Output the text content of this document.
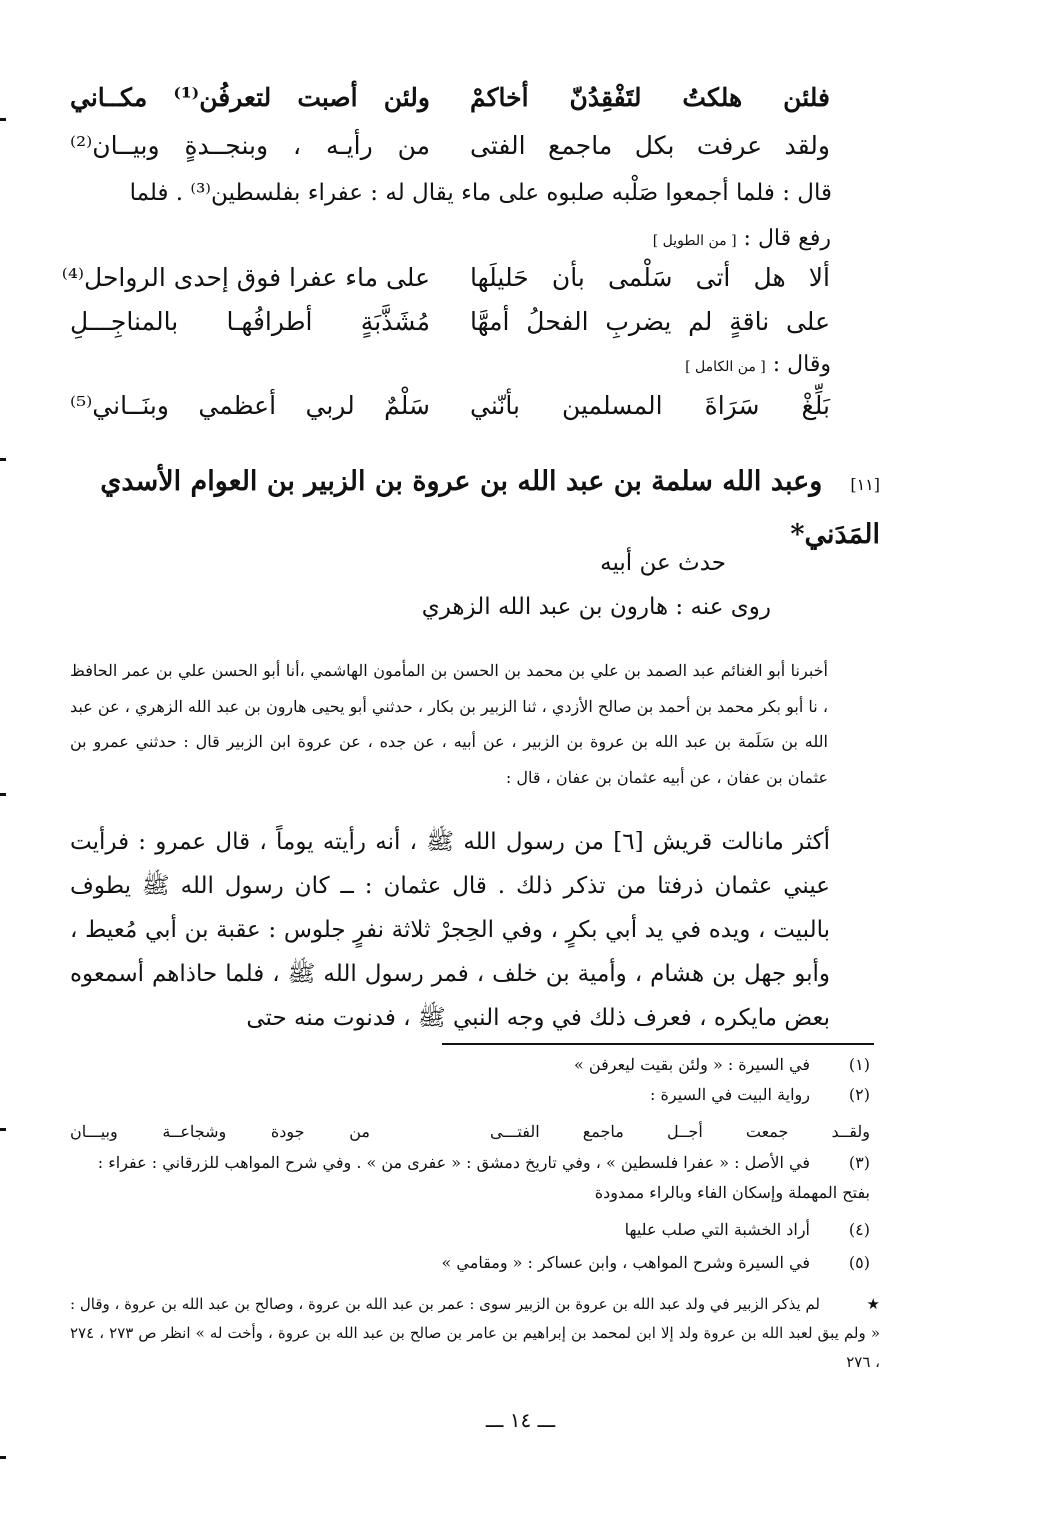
فلئن هلكتُ لتَفْقِدُنّ أخاكمْ
ولئن أصبت لتعرفُن⁽¹⁾ مكــاني
ولقد عرفت بكل ماجمع الفتى
من رأيـه ، وبنجــدةٍ وبيــان⁽²⁾
قال : فلما أجمعوا صَلْبه صلبوه على ماء يقال له : عفراء بفلسطين⁽³⁾ . فلما
رفع قال : [ من الطويل ]
ألا هل أتى سَلْمى بأن حَليلَها
على ماء عفرا فوق إحدى الرواحل⁽⁴⁾
على ناقةٍ لم يضربِ الفحلُ أمهَّا
مُشَذَّبَةٍ أطرافُهـا بالمناجِـــلِ
وقال : [ من الكامل ]
بَلِّغْ سَرَاةَ المسلمين بأنّني
سَلْمٌ لربي أعظمي وبنَــاني⁽⁵⁾
[١١]وعبد الله سلمة بن عبد الله بن عروة بن الزبير بن العوام الأسدي المَدَني*
حدث عن أبيه
روى عنه : هارون بن عبد الله الزهري
أخبرنا أبو الغنائم عبد الصمد بن علي بن محمد بن الحسن بن المأمون الهاشمي ،أنا أبو الحسن علي بن عمر الحافظ ، نا أبو بكر محمد بن أحمد بن صالح الأزدي ، ثنا الزبير بن بكار ، حدثني أبو يحيى هارون بن عبد الله الزهري ، عن عبد الله بن سَلَمة بن عبد الله بن عروة بن الزبير ، عن أبيه ، عن جده ، عن عروة ابن الزبير قال : حدثني عمرو بن عثمان بن عفان ، عن أبيه عثمان بن عفان ، قال :
أكثر مانالت قريش [٦] من رسول الله ﷺ ، أنه رأيته يوماً ، قال عمرو : فرأيت عيني عثمان ذرفتا من تذكر ذلك . قال عثمان : ــ كان رسول الله ﷺ يطوف بالبيت ، ويده في يد أبي بكرٍ ، وفي الحِجرْ ثلاثة نفرٍ جلوس : عقبة بن أبي مُعيط ، وأبو جهل بن هشام ، وأمية بن خلف ، فمر رسول الله ﷺ ، فلما حاذاهم أسمعوه بعض مايكره ، فعرف ذلك في وجه النبي ﷺ ، فدنوت منه حتى
(١)في السيرة : « ولئن بقيت ليعرفن »
(٢)رواية البيت في السيرة :
ولقــد جمعت أجــل ماجمع الفتـــى
من جودة وشجاعــة وبيـــان
(٣)في الأصل : « عفرا فلسطين » ، وفي تاريخ دمشق : « عفرى من » . وفي شرح المواهب للزرقاني : عفراء : بفتح المهملة وإسكان الفاء وبالراء ممدودة
(٤)أراد الخشبة التي صلب عليها
(٥)في السيرة وشرح المواهب ، وابن عساكر : « ومقامي »
★لم يذكر الزبير في ولد عبد الله بن عروة بن الزبير سوى : عمر بن عبد الله بن عروة ، وصالح بن عبد الله بن عروة ، وقال : « ولم يبق لعبد الله بن عروة ولد إلا ابن لمحمد بن إبراهيم بن عامر بن صالح بن عبد الله بن عروة ، وأخت له » انظر ص ٢٧٣ ، ٢٧٤ ، ٢٧٦
ـــ ١٤ ـــ
